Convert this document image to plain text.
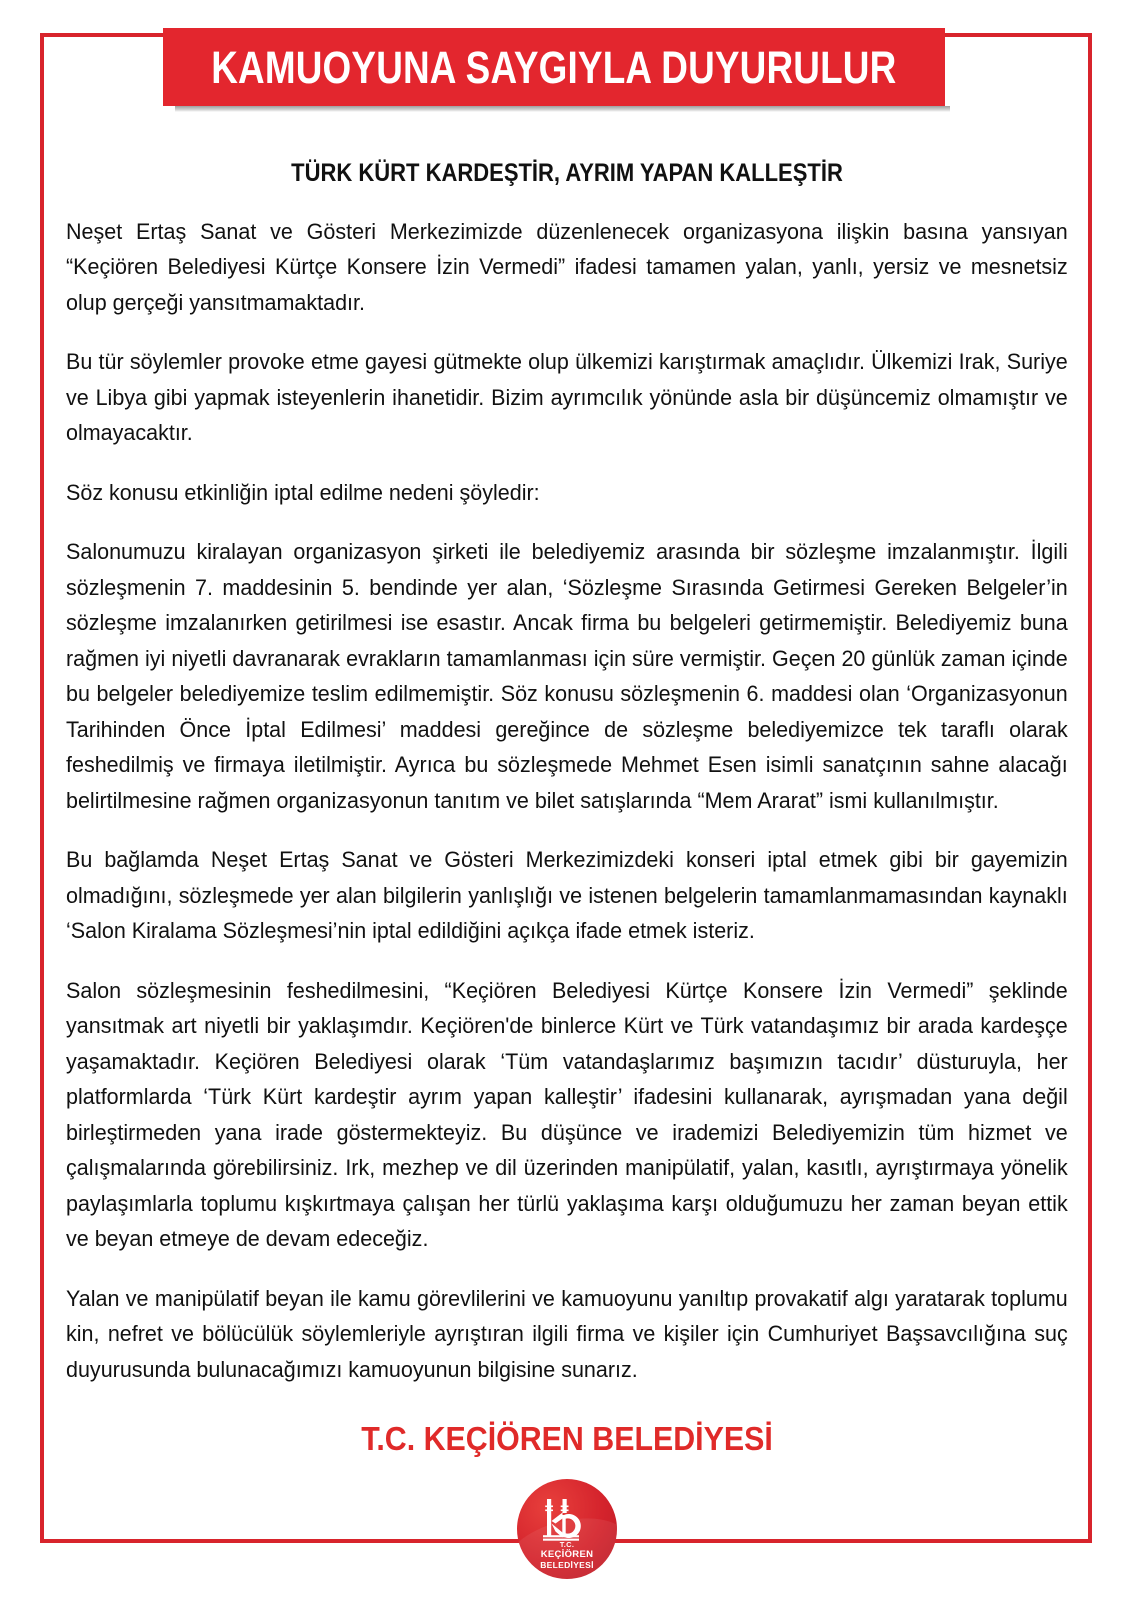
KAMUOYUNA SAYGIYLA DUYURULUR
TÜRK KÜRT KARDEŞTİR, AYRIM YAPAN KALLEŞTİR

Neşet Ertaş Sanat ve Gösteri Merkezimizde düzenlenecek organizasyona ilişkin basına yansıyan “Keçiören Belediyesi Kürtçe Konsere İzin Vermedi” ifadesi tamamen yalan, yanlı, yersiz ve mesnetsiz olup gerçeği yansıtmamaktadır.

Bu tür söylemler provoke etme gayesi gütmekte olup ülkemizi karıştırmak amaçlıdır. Ülkemizi Irak, Suriye ve Libya gibi yapmak isteyenlerin ihanetidir. Bizim ayrımcılık yönünde asla bir düşüncemiz olmamıştır ve olmayacaktır.

Söz konusu etkinliğin iptal edilme nedeni şöyledir:

Salonumuzu kiralayan organizasyon şirketi ile belediyemiz arasında bir sözleşme imzalanmıştır. İlgili sözleşmenin 7. maddesinin 5. bendinde yer alan, ‘Sözleşme Sırasında Getirmesi Gereken Belgeler’in sözleşme imzalanırken getirilmesi ise esastır. Ancak firma bu belgeleri getirmemiştir. Belediyemiz buna rağmen iyi niyetli davranarak evrakların tamamlanması için süre vermiştir. Geçen 20 günlük zaman içinde bu belgeler belediyemize teslim edilmemiştir. Söz konusu sözleşmenin 6. maddesi olan ‘Organizasyonun Tarihinden Önce İptal Edilmesi’ maddesi gereğince de sözleşme belediyemizce tek taraflı olarak feshedilmiş ve firmaya iletilmiştir. Ayrıca bu sözleşmede Mehmet Esen isimli sanatçının sahne alacağı belirtilmesine rağmen organizasyonun tanıtım ve bilet satışlarında “Mem Ararat” ismi kullanılmıştır.

Bu bağlamda Neşet Ertaş Sanat ve Gösteri Merkezimizdeki konseri iptal etmek gibi bir gayemizin olmadığını, sözleşmede yer alan bilgilerin yanlışlığı ve istenen belgelerin tamamlanmamasından kaynaklı ‘Salon Kiralama Sözleşmesi’nin iptal edildiğini açıkça ifade etmek isteriz.

Salon sözleşmesinin feshedilmesini, “Keçiören Belediyesi Kürtçe Konsere İzin Vermedi” şeklinde yansıtmak art niyetli bir yaklaşımdır. Keçiören'de binlerce Kürt ve Türk vatandaşımız bir arada kardeşçe yaşamaktadır. Keçiören Belediyesi olarak ‘Tüm vatandaşlarımız başımızın tacıdır’ düsturuyla, her platformlarda ‘Türk Kürt kardeştir ayrım yapan kalleştir’ ifadesini kullanarak, ayrışmadan yana değil birleştirmeden yana irade göstermekteyiz. Bu düşünce ve irademizi Belediyemizin tüm hizmet ve çalışmalarında görebilirsiniz. Irk, mezhep ve dil üzerinden manipülatif, yalan, kasıtlı, ayrıştırmaya yönelik paylaşımlarla toplumu kışkırtmaya çalışan her türlü yaklaşıma karşı olduğumuzu her zaman beyan ettik ve beyan etmeye de devam edeceğiz.

Yalan ve manipülatif beyan ile kamu görevlilerini ve kamuoyunu yanıltıp provakatif algı yaratarak toplumu kin, nefret ve bölücülük söylemleriyle ayrıştıran ilgili firma ve kişiler için Cumhuriyet Başsavcılığına suç duyurusunda bulunacağımızı kamuoyunun bilgisine sunarız.

T.C. KEÇİÖREN BELEDİYESİ
T.C.
KEÇİÖREN
BELEDİYESİ
